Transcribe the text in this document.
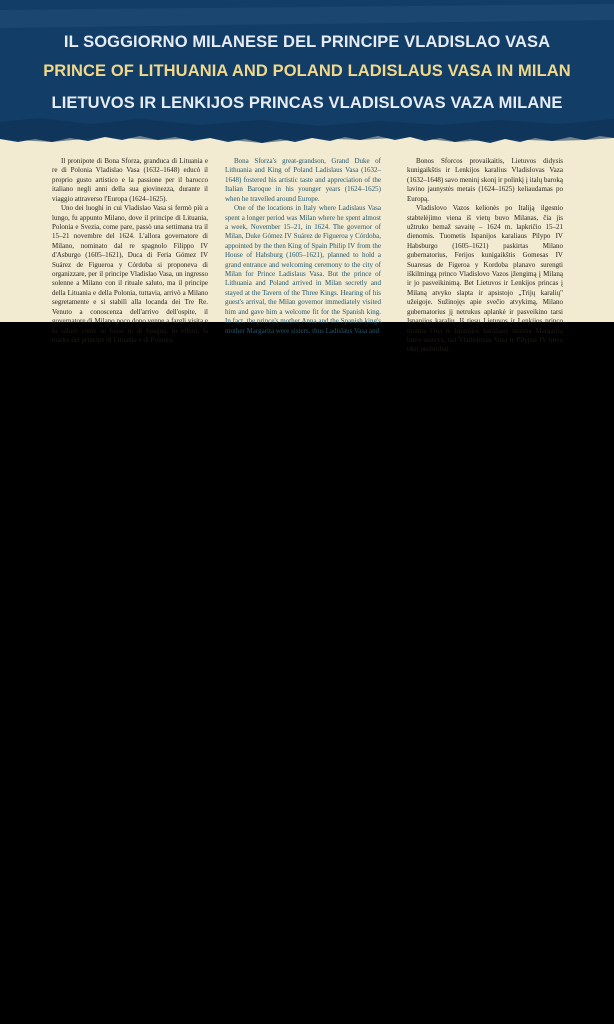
IL SOGGIORNO MILANESE DEL PRINCIPE VLADISLAO VASA
PRINCE OF LITHUANIA AND POLAND LADISLAUS VASA IN MILAN
LIETUVOS IR LENKIJOS PRINCAS VLADISLOVAS VAZA MILANE

Il pronipote di Bona Sforza, granduca di Lituania e re di Polonia Vladislao Vasa (1632–1648) educò il proprio gusto artistico e la passione per il barocco italiano negli anni della sua giovinezza, durante il viaggio attraverso l'Europa (1624–1625).

Uno dei luoghi in cui Vladislao Vasa si fermò più a lungo, fu appunto Milano, dove il principe di Lituania, Polonia e Svezia, come pare, passò una settimana tra il 15–21 novembre del 1624. L'allora governatore di Milano, nominato dal re spagnolo Filippo IV d'Asburgo (1605–1621), Duca di Feria Gómez IV Suárez de Figueroa y Córdoba si proponeva di organizzare, per il principe Vladislao Vasa, un ingresso solenne a Milano con il rituale saluto, ma il principe della Lituania e della Polonia, tuttavia, arrivò a Milano segretamente e si stabilì alla locanda dei Tre Re. Venuto a conoscenza dell'arrivo dell'ospite, il governatore di Milano poco dopo venne a fargli visita e lo salutò come se fosse re di Spagna. In effetti, la madre del principe di Lituania e di Polonia,

Bona Sforza's great-grandson, Grand Duke of Lithuania and King of Poland Ladislaus Vasa (1632–1648) fostered his artistic taste and appreciation of the Italian Baroque in his younger years (1624–1625) when he travelled around Europe.

One of the locations in Italy where Ladislaus Vasa spent a longer period was Milan where he spent almost a week, November 15–21, in 1624. The governor of Milan, Duke Gómez IV Suárez de Figueroa y Córdoba, appointed by the then King of Spain Philip IV from the House of Habsburg (1605–1621), planned to hold a grand entrance and welcoming ceremony to the city of Milan for Prince Ladislaus Vasa. But the prince of Lithuania and Poland arrived in Milan secretly and stayed at the Tavern of the Three Kings. Hearing of his guest's arrival, the Milan governor immediately visited him and gave him a welcome fit for the Spanish king. In fact, the prince's mother Anna and the Spanish king's mother Margarita were sisters, thus Ladislaus Vasa and

Bonos Sforcos provaikaitis, Lietuvos didysis kunigaikštis ir Lenkijos karalius Vladislovas Vaza (1632–1648) savo meninį skonį ir polinkį į italų baroką lavino jaunystės metais (1624–1625) keliaudamas po Europą.

Vladislovo Vazos kelionės po Italiją ilgesnio stabtelėjimo viena iš vietų buvo Milanas, čia jis užtruko bemaž savaitę – 1624 m. lapkričio 15–21 dienomis. Tuometis Ispanijos karaliaus Pilypo IV Habsburgo (1605–1621) paskirtas Milano gubernatorius, Ferijos kunigaikštis Gomesas IV Suaresas de Figeroa y Kordoba planavo surengti iškilmingą princo Vladislovo Vazos įžengimą į Milaną ir jo pasveikinimą. Bet Lietuvos ir Lenkijos princas į Milaną atvyko slapta ir apsistojo „Trijų karalių" užeigoje. Sužinojęs apie svečio atvykimą, Milano gubernatorius jį netrukus aplankė ir pasveikino tarsi Ispanijos karalių. Iš tiesų Lietuvos ir Lenkijos princo motina Ona ir Ispanijos karaliaus motina Margarita buvo seserys, tad Vladislovas Vaza ir Pilypas IV buvo tikri pusbroliai.
